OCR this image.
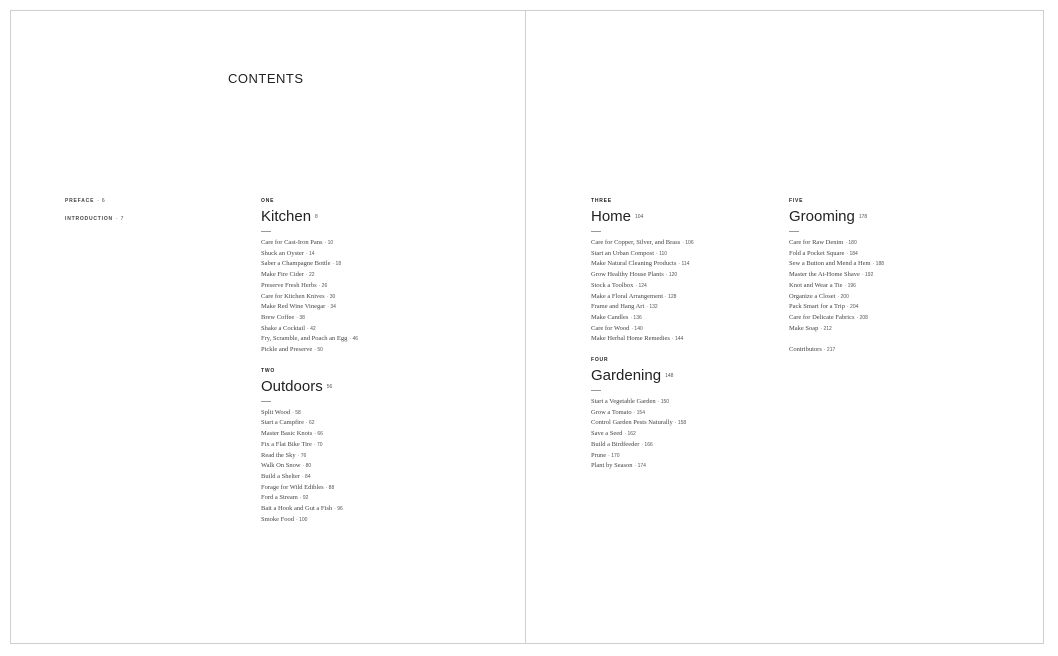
CONTENTS
PREFACE · 6
INTRODUCTION · 7
ONE
Kitchen 8
Care for Cast-Iron Pans · 10
Shuck an Oyster · 14
Saber a Champagne Bottle · 18
Make Fire Cider · 22
Preserve Fresh Herbs · 26
Care for Kitchen Knives · 30
Make Red Wine Vinegar · 34
Brew Coffee · 38
Shake a Cocktail · 42
Fry, Scramble, and Poach an Egg · 46
Pickle and Preserve · 50
TWO
Outdoors 56
Split Wood · 58
Start a Campfire · 62
Master Basic Knots · 66
Fix a Flat Bike Tire · 70
Read the Sky · 76
Walk On Snow · 80
Build a Shelter · 84
Forage for Wild Edibles · 88
Ford a Stream · 92
Bait a Hook and Gut a Fish · 96
Smoke Food · 100
THREE
Home 104
Care for Copper, Silver, and Brass · 106
Start an Urban Compost · 110
Make Natural Cleaning Products · 114
Grow Healthy House Plants · 120
Stock a Toolbox · 124
Make a Floral Arrangement · 128
Frame and Hang Art · 132
Make Candles · 136
Care for Wood · 140
Make Herbal Home Remedies · 144
FOUR
Gardening 148
Start a Vegetable Garden · 150
Grow a Tomato · 154
Control Garden Pests Naturally · 158
Save a Seed · 162
Build a Birdfeeder · 166
Prune · 170
Plant by Season · 174
FIVE
Grooming 178
Care for Raw Denim · 180
Fold a Pocket Square · 184
Sew a Button and Mend a Hem · 188
Master the At-Home Shave · 192
Knot and Wear a Tie · 196
Organize a Closet · 200
Pack Smart for a Trip · 204
Care for Delicate Fabrics · 208
Make Soap · 212
Contributors · 217
